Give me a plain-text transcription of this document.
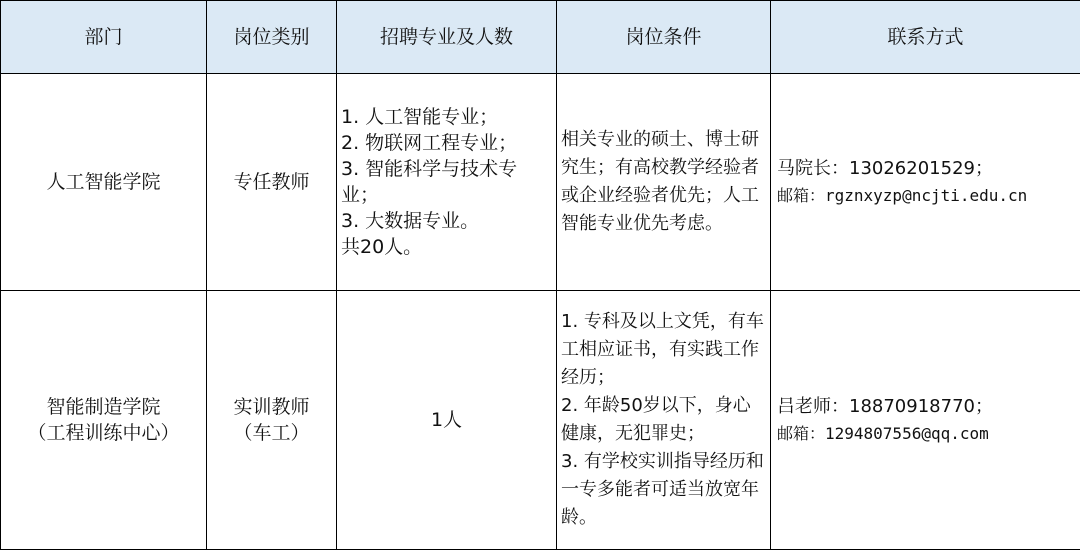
部门	岗位类别	招聘专业及人数	岗位条件	联系方式
人工智能学院	专任教师	1. 人工智能专业；
2. 物联网工程专业；
3. 智能科学与技术专业；
3. 大数据专业。
共20人。	相关专业的硕士、博士研究生；有高校教学经验者或企业经验者优先；人工智能专业优先考虑。	马院长：13026201529；
邮箱：rgznxyzp@ncjti.edu.cn

智能制造学院
（工程训练中心）	实训教师
（车工）	1人	1. 专科及以上文凭，有车工相应证书，有实践工作经历；
2. 年龄50岁以下，身心健康，无犯罪史；
3. 有学校实训指导经历和一专多能者可适当放宽年龄。	吕老师：18870918770；
邮箱：1294807556@qq.com
